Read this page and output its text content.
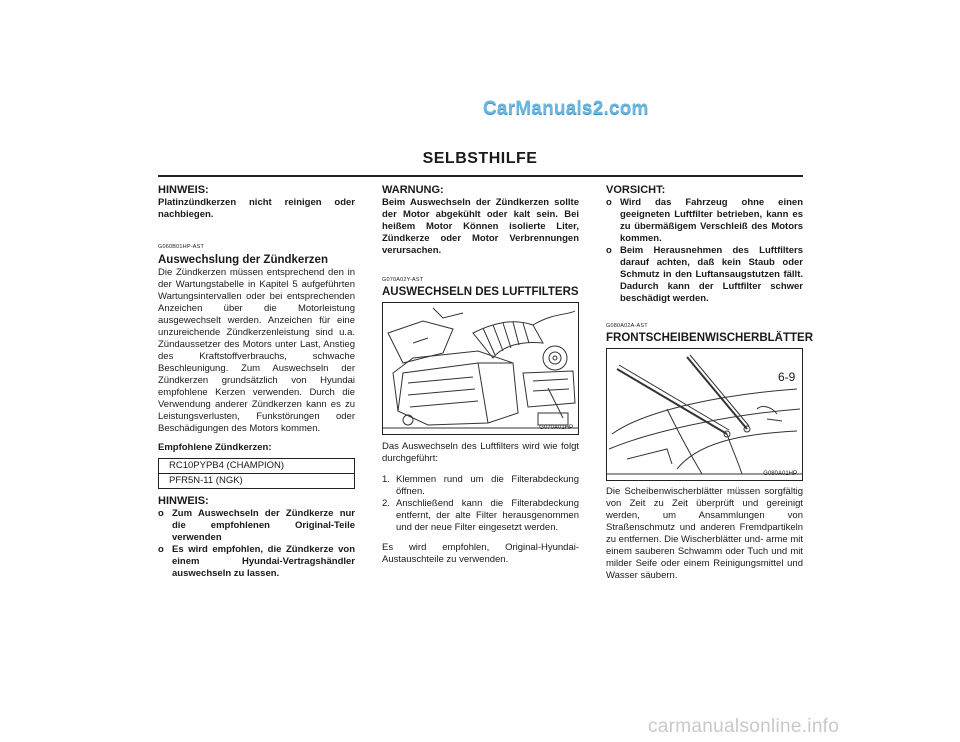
CarManuals2.com
SELBSTHILFE

HINWEIS:

Platinzündkerzen nicht reinigen oder nachbiegen.

G060B01HP-AST

Auswechslung der Zündkerzen

Die Zündkerzen müssen entsprechend den in der Wartungstabelle in Kapitel 5 aufgeführten Wartungsintervallen oder bei entsprechenden Anzeichen über die Motorleistung ausgewechselt werden. Anzeichen für eine unzureichende Zündkerzenleistung sind u.a. Zündaussetzer des Motors unter Last, Anstieg des Kraftstoffverbrauchs, schwache Beschleunigung. Zum Auswechseln der Zündkerzen grundsätzlich von Hyundai empfohlene Kerzen verwenden. Durch die Verwendung anderer Zündkerzen kann es zu Leistungsverlusten, Funkstörungen oder Beschädigungen des Motors kommen.

Empfohlene Zündkerzen:

RC10PYPB4 (CHAMPION)
PFR5N-11 (NGK)

HINWEIS:

o Zum Auswechseln der Zündkerze nur die empfohlenen Original-Teile verwenden
o Es wird empfohlen, die Zündkerze von einem Hyundai-Vertragshändler auswechseln zu lassen.

WARNUNG:

Beim Auswechseln der Zündkerzen sollte der Motor abgekühlt oder kalt sein. Bei heißem Motor Können isolierte Liter, Zündkerze oder Motor Verbrennungen verursachen.

G070A02Y-AST

AUSWECHSELN DES LUFTFILTERS

G070A01HP

Das Auswechseln des Luftfilters wird wie folgt durchgeführt:

1. Klemmen rund um die Filterabdeckung öffnen.
2. Anschließend kann die Filterabdeckung entfernt, der alte Filter herausgenommen und der neue Filter eingesetzt werden.

Es wird empfohlen, Original-Hyundai-Austauschteile zu verwenden.

VORSICHT:

o Wird das Fahrzeug ohne einen geeigneten Luftfilter betrieben, kann es zu übermäßigem Verschleiß des Motors kommen.
o Beim Herausnehmen des Luftfilters darauf achten, daß kein Staub oder Schmutz in den Luftansaugstutzen fällt. Dadurch kann der Luftfilter schwer beschädigt werden.

G080A02A-AST

FRONTSCHEIBENWISCHERBLÄTTER

G080A01HP

Die Scheibenwischerblätter müssen sorgfältig von Zeit zu Zeit überprüft und gereinigt werden, um Ansammlungen von Straßenschmutz und anderen Fremdpartikeln zu entfernen. Die Wischerblätter und- arme mit einem sauberen Schwamm oder Tuch und mit milder Seife oder einem Reinigungsmittel und Wasser säubern.

6-9
carmanualsonline.info
